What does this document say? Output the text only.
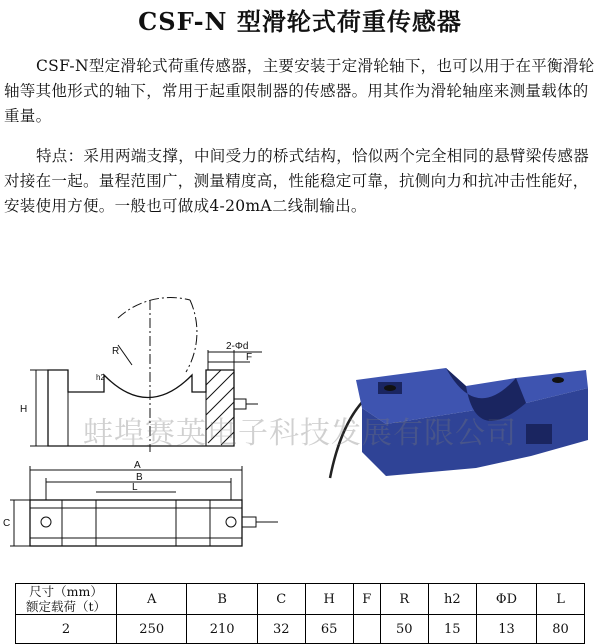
CSF-N 型滑轮式荷重传感器
CSF-N型定滑轮式荷重传感器，主要安装于定滑轮轴下，也可以用于在平衡滑轮轴等其他形式的轴下，常用于起重限制器的传感器。用其作为滑轮轴座来测量载体的重量。
特点：采用两端支撑，中间受力的桥式结构，恰似两个完全相同的悬臂梁传感器对接在一起。量程范围广，测量精度高，性能稳定可靠，抗侧向力和抗冲击性能好，安装使用方便。一般也可做成4-20mA二线制输出。
R
h2
2-Φd
F
H
A
B
L
C
蚌埠赛英电子科技发展有限公司
尺寸（mm）
额定载荷（t）	A	B	C	H	F	R	h2	ΦD	L
2	250	210	32	65		50	15	13	80
